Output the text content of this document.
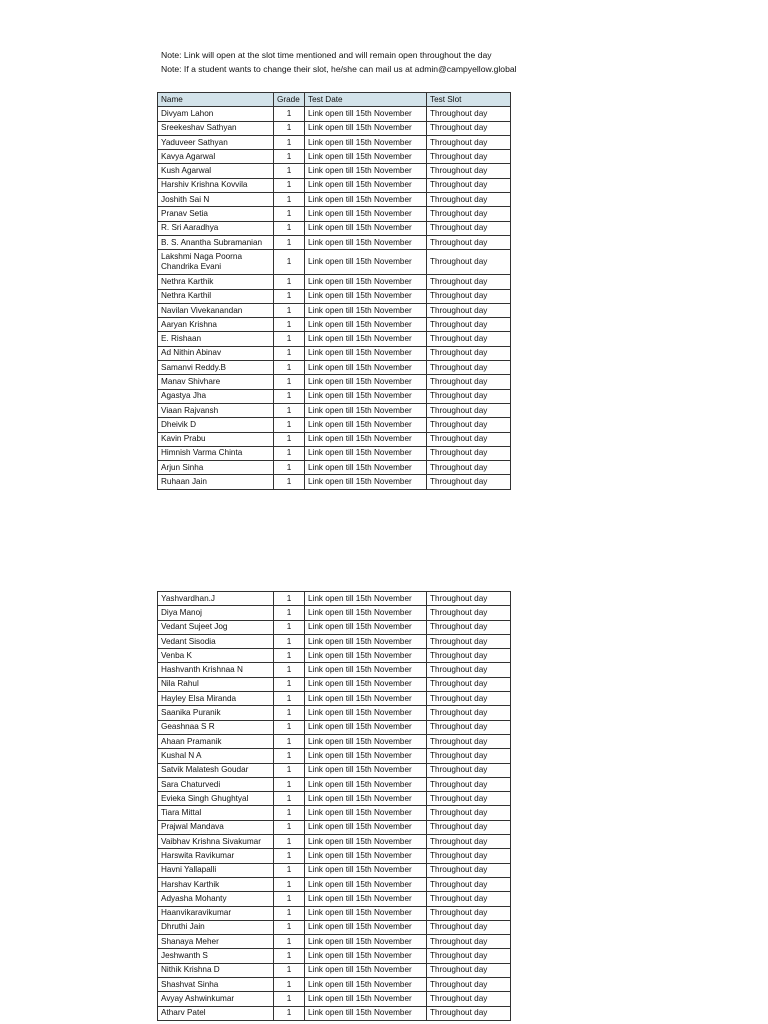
Note: Link will open at the slot time mentioned and will remain open throughout the day
Note: If a student wants to change their slot, he/she can mail us at admin@campyellow.global
Name	Grade	Test Date	Test Slot
Divyam Lahon	1	Link open till 15th November	Throughout day
Sreekeshav Sathyan	1	Link open till 15th November	Throughout day
Yaduveer Sathyan	1	Link open till 15th November	Throughout day
Kavya Agarwal	1	Link open till 15th November	Throughout day
Kush Agarwal	1	Link open till 15th November	Throughout day
Harshiv Krishna Kovvila	1	Link open till 15th November	Throughout day
Joshith Sai N	1	Link open till 15th November	Throughout day
Pranav Setia	1	Link open till 15th November	Throughout day
R. Sri Aaradhya	1	Link open till 15th November	Throughout day
B. S. Anantha Subramanian	1	Link open till 15th November	Throughout day
Lakshmi Naga Poorna Chandrika Evani	1	Link open till 15th November	Throughout day
Nethra Karthik	1	Link open till 15th November	Throughout day
Nethra Karthil	1	Link open till 15th November	Throughout day
Navilan Vivekanandan	1	Link open till 15th November	Throughout day
Aaryan Krishna	1	Link open till 15th November	Throughout day
E. Rishaan	1	Link open till 15th November	Throughout day
Ad Nithin Abinav	1	Link open till 15th November	Throughout day
Samanvi Reddy.B	1	Link open till 15th November	Throughout day
Manav Shivhare	1	Link open till 15th November	Throughout day
Agastya Jha	1	Link open till 15th November	Throughout day
Viaan Rajvansh	1	Link open till 15th November	Throughout day
Dheivik D	1	Link open till 15th November	Throughout day
Kavin Prabu	1	Link open till 15th November	Throughout day
Himnish Varma Chinta	1	Link open till 15th November	Throughout day
Arjun Sinha	1	Link open till 15th November	Throughout day
Ruhaan Jain	1	Link open till 15th November	Throughout day
Yashvardhan.J	1	Link open till 15th November	Throughout day
Diya Manoj	1	Link open till 15th November	Throughout day
Vedant Sujeet Jog	1	Link open till 15th November	Throughout day
Vedant Sisodia	1	Link open till 15th November	Throughout day
Venba K	1	Link open till 15th November	Throughout day
Hashvanth Krishnaa N	1	Link open till 15th November	Throughout day
Nila Rahul	1	Link open till 15th November	Throughout day
Hayley Elsa Miranda	1	Link open till 15th November	Throughout day
Saanika Puranik	1	Link open till 15th November	Throughout day
Geashnaa S R	1	Link open till 15th November	Throughout day
Ahaan Pramanik	1	Link open till 15th November	Throughout day
Kushal N A	1	Link open till 15th November	Throughout day
Satvik Malatesh Goudar	1	Link open till 15th November	Throughout day
Sara Chaturvedi	1	Link open till 15th November	Throughout day
Evieka Singh Ghughtyal	1	Link open till 15th November	Throughout day
Tiara Mittal	1	Link open till 15th November	Throughout day
Prajwal Mandava	1	Link open till 15th November	Throughout day
Vaibhav Krishna Sivakumar	1	Link open till 15th November	Throughout day
Harswita Ravikumar	1	Link open till 15th November	Throughout day
Havni Yallapalli	1	Link open till 15th November	Throughout day
Harshav Karthik	1	Link open till 15th November	Throughout day
Adyasha Mohanty	1	Link open till 15th November	Throughout day
Haanvikaravikumar	1	Link open till 15th November	Throughout day
Dhruthi Jain	1	Link open till 15th November	Throughout day
Shanaya Meher	1	Link open till 15th November	Throughout day
Jeshwanth S	1	Link open till 15th November	Throughout day
Nithik Krishna D	1	Link open till 15th November	Throughout day
Shashvat Sinha	1	Link open till 15th November	Throughout day
Avyay Ashwinkumar	1	Link open till 15th November	Throughout day
Atharv Patel	1	Link open till 15th November	Throughout day
